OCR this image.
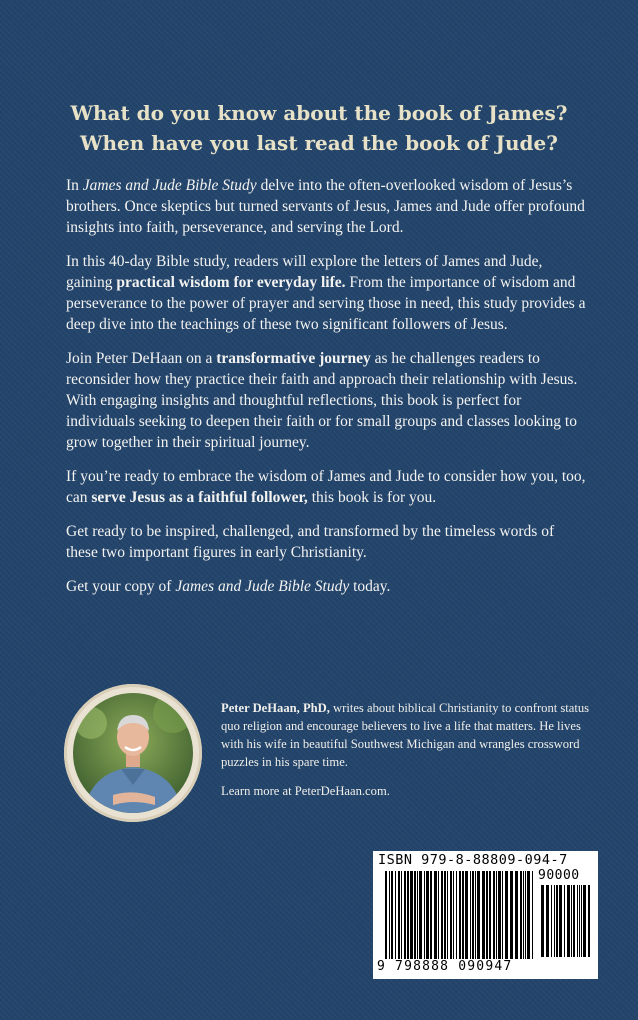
What do you know about the book of James?
When have you last read the book of Jude?

In James and Jude Bible Study delve into the often-overlooked wisdom of Jesus’s brothers. Once skeptics but turned servants of Jesus, James and Jude offer profound insights into faith, perseverance, and serving the Lord.

In this 40-day Bible study, readers will explore the letters of James and Jude, gaining practical wisdom for everyday life. From the importance of wisdom and perseverance to the power of prayer and serving those in need, this study provides a deep dive into the teachings of these two significant followers of Jesus.

Join Peter DeHaan on a transformative journey as he challenges readers to reconsider how they practice their faith and approach their relationship with Jesus. With engaging insights and thoughtful reflections, this book is perfect for individuals seeking to deepen their faith or for small groups and classes looking to grow together in their spiritual journey.

If you’re ready to embrace the wisdom of James and Jude to consider how you, too, can serve Jesus as a faithful follower, this book is for you.

Get ready to be inspired, challenged, and transformed by the timeless words of these two important figures in early Christianity.

Get your copy of James and Jude Bible Study today.

Peter DeHaan, PhD, writes about biblical Christianity to confront status quo religion and encourage believers to live a life that matters. He lives with his wife in beautiful Southwest Michigan and wrangles crossword puzzles in his spare time.

Learn more at PeterDeHaan.com.

ISBN 979-8-88809-094-7
90000
9 798888 090947
